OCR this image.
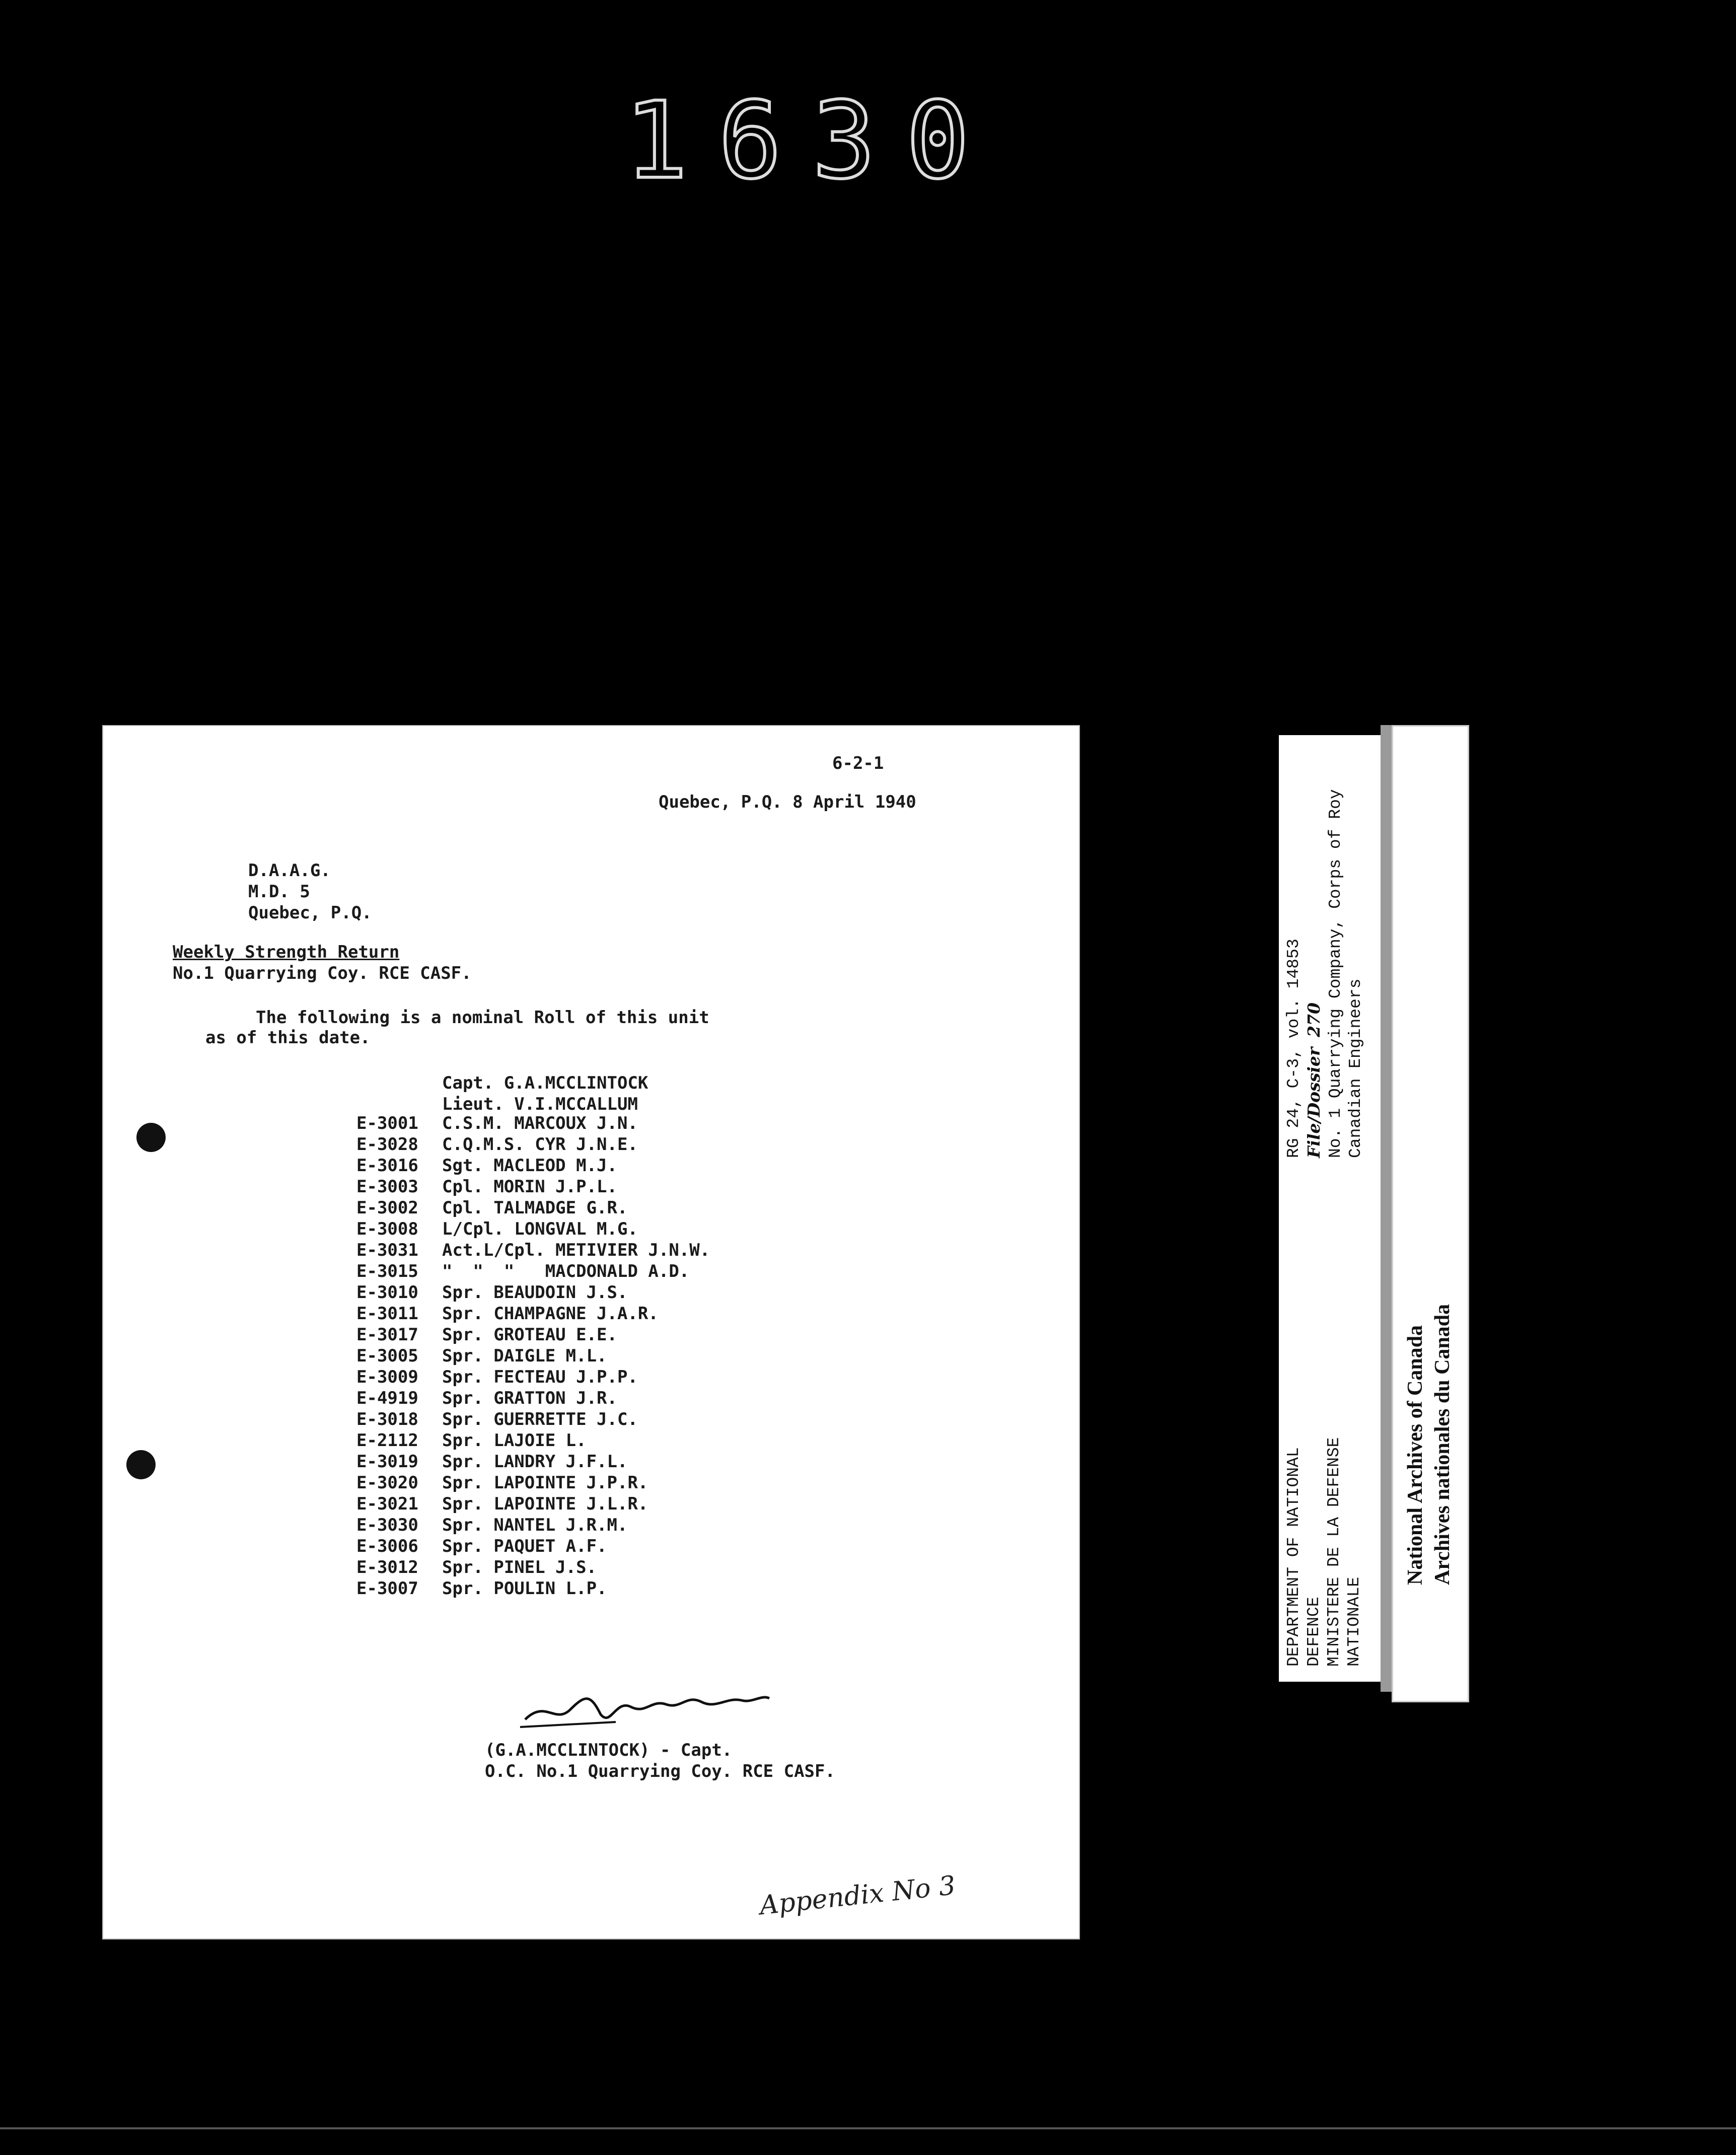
1630
6-2-1
Quebec, P.Q. 8 April 1940
D.A.A.G.
M.D. 5
Quebec, P.Q.
Weekly Strength Return
No.1 Quarrying Coy. RCE CASF.
The following is a nominal Roll of this unit
as of this date.
Capt. G.A.MCCLINTOCK
Lieut. V.I.MCCALLUM
E-3001 C.S.M. MARCOUX J.N.
E-3028 C.Q.M.S. CYR J.N.E.
E-3016 Sgt. MACLEOD M.J.
E-3003 Cpl. MORIN J.P.L.
E-3002 Cpl. TALMADGE G.R.
E-3008 L/Cpl. LONGVAL M.G.
E-3031 Act.L/Cpl. METIVIER J.N.W.
E-3015 "  "  "   MACDONALD A.D.
E-3010 Spr. BEAUDOIN J.S.
E-3011 Spr. CHAMPAGNE J.A.R.
E-3017 Spr. GROTEAU E.E.
E-3005 Spr. DAIGLE M.L.
E-3009 Spr. FECTEAU J.P.P.
E-4919 Spr. GRATTON J.R.
E-3018 Spr. GUERRETTE J.C.
E-2112 Spr. LAJOIE L.
E-3019 Spr. LANDRY J.F.L.
E-3020 Spr. LAPOINTE J.P.R.
E-3021 Spr. LAPOINTE J.L.R.
E-3030 Spr. NANTEL J.R.M.
E-3006 Spr. PAQUET A.F.
E-3012 Spr. PINEL J.S.
E-3007 Spr. POULIN L.P.
(G.A.MCCLINTOCK) - Capt.
O.C. No.1 Quarrying Coy. RCE CASF.
Appendix No 3
DEPARTMENT OF NATIONAL
DEFENCE
MINISTERE DE LA DEFENSE
NATIONALE
RG 24, C-3, vol. 14853
File/Dossier 270 No. 1 Quarrying Company, Corps of Roy
Canadian Engineers
National Archives of Canada Archives nationales du Canada
